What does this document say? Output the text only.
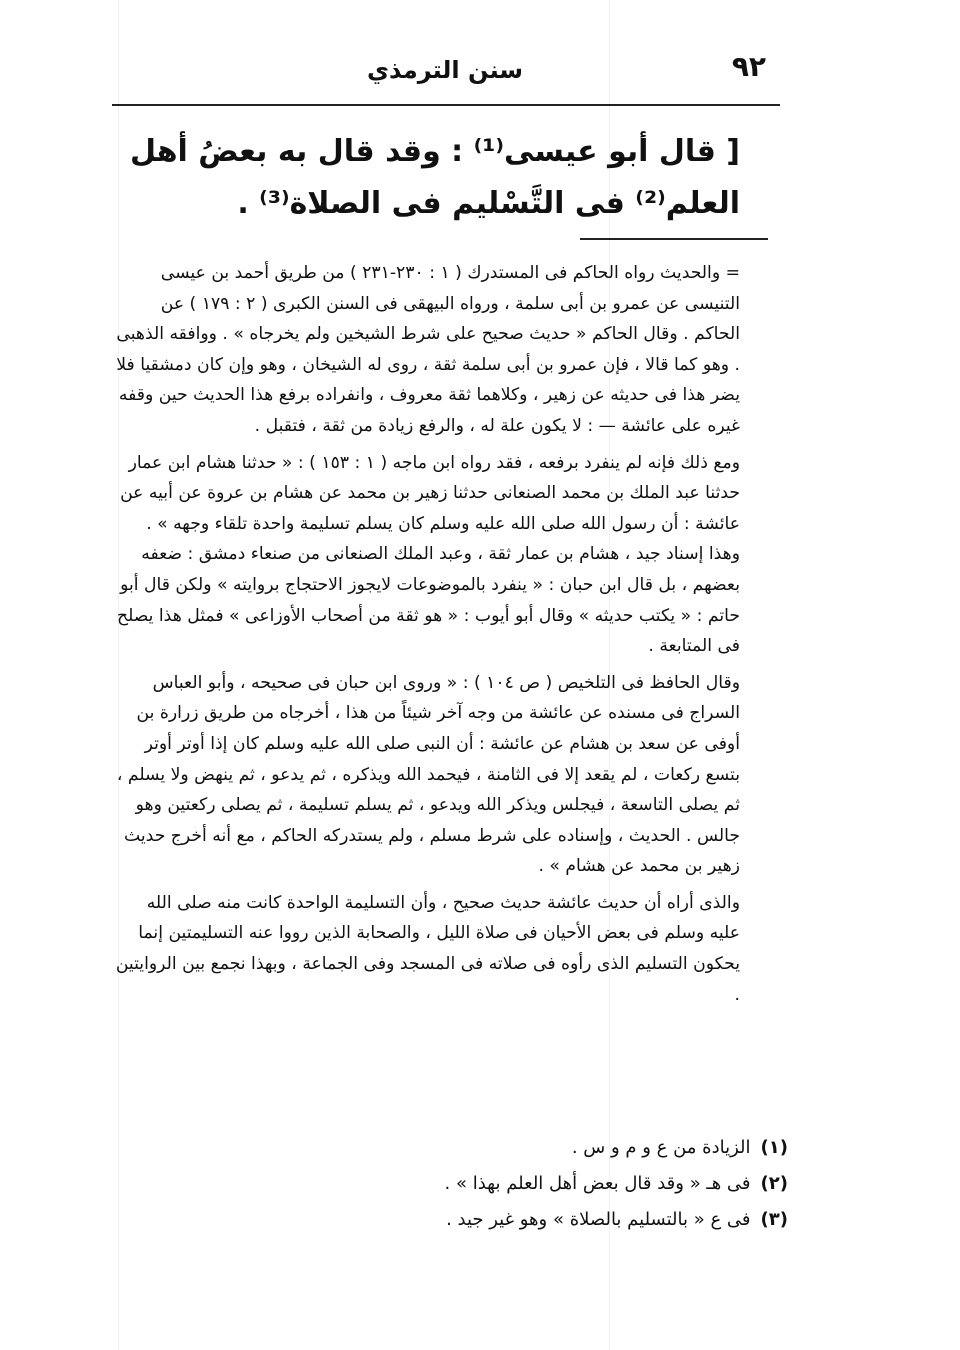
٩٢
سنن الترمذي

[ قال أبو عيسى⁽¹⁾ : وقد قال به بعضُ أهل العلم⁽²⁾ فى التَّسْليم فى الصلاة⁽³⁾ .

= والحديث رواه الحاكم فى المستدرك ( ١ : ٢٣٠-٢٣١ ) من طريق أحمد بن عيسى التنيسى عن عمرو بن أبى سلمة ، ورواه البيهقى فى السنن الكبرى ( ٢ : ١٧٩ ) عن الحاكم . وقال الحاكم « حديث صحيح على شرط الشيخين ولم يخرجاه » . ووافقه الذهبى . وهو كما قالا ، فإن عمرو بن أبى سلمة ثقة ، روى له الشيخان ، وهو وإن كان دمشقيا فلا يضر هذا فى حديثه عن زهير ، وكلاهما ثقة معروف ، وانفراده برفع هذا الحديث حين وقفه غيره على عائشة — : لا يكون علة له ، والرفع زيادة من ثقة ، فتقبل .

ومع ذلك فإنه لم ينفرد برفعه ، فقد رواه ابن ماجه ( ١ : ١٥٣ ) : « حدثنا هشام ابن عمار حدثنا عبد الملك بن محمد الصنعانى حدثنا زهير بن محمد عن هشام بن عروة عن أبيه عن عائشة : أن رسول الله صلى الله عليه وسلم كان يسلم تسليمة واحدة تلقاء وجهه » . وهذا إسناد جيد ، هشام بن عمار ثقة ، وعبد الملك الصنعانى من صنعاء دمشق : ضعفه بعضهم ، بل قال ابن حبان : « ينفرد بالموضوعات لايجوز الاحتجاج بروايته » ولكن قال أبو حاتم : « يكتب حديثه » وقال أبو أيوب : « هو ثقة من أصحاب الأوزاعى » فمثل هذا يصلح فى المتابعة .

وقال الحافظ فى التلخيص ( ص ١٠٤ ) : « وروى ابن حبان فى صحيحه ، وأبو العباس السراج فى مسنده عن عائشة من وجه آخر شيئاً من هذا ، أخرجاه من طريق زرارة بن أوفى عن سعد بن هشام عن عائشة : أن النبى صلى الله عليه وسلم كان إذا أوتر أوتر بتسع ركعات ، لم يقعد إلا فى الثامنة ، فيحمد الله ويذكره ، ثم يدعو ، ثم ينهض ولا يسلم ، ثم يصلى التاسعة ، فيجلس ويذكر الله ويدعو ، ثم يسلم تسليمة ، ثم يصلى ركعتين وهو جالس . الحديث ، وإسناده على شرط مسلم ، ولم يستدركه الحاكم ، مع أنه أخرج حديث زهير بن محمد عن هشام » .

والذى أراه أن حديث عائشة حديث صحيح ، وأن التسليمة الواحدة كانت منه صلى الله عليه وسلم فى بعض الأحيان فى صلاة الليل ، والصحابة الذين رووا عنه التسليمتين إنما يحكون التسليم الذى رأوه فى صلاته فى المسجد وفى الجماعة ، وبهذا نجمع بين الروايتين .

(١)
الزيادة من ع و م و س .
(٢)
فى هـ « وقد قال بعض أهل العلم بهذا » .
(٣)
فى ع « بالتسليم بالصلاة » وهو غير جيد .
